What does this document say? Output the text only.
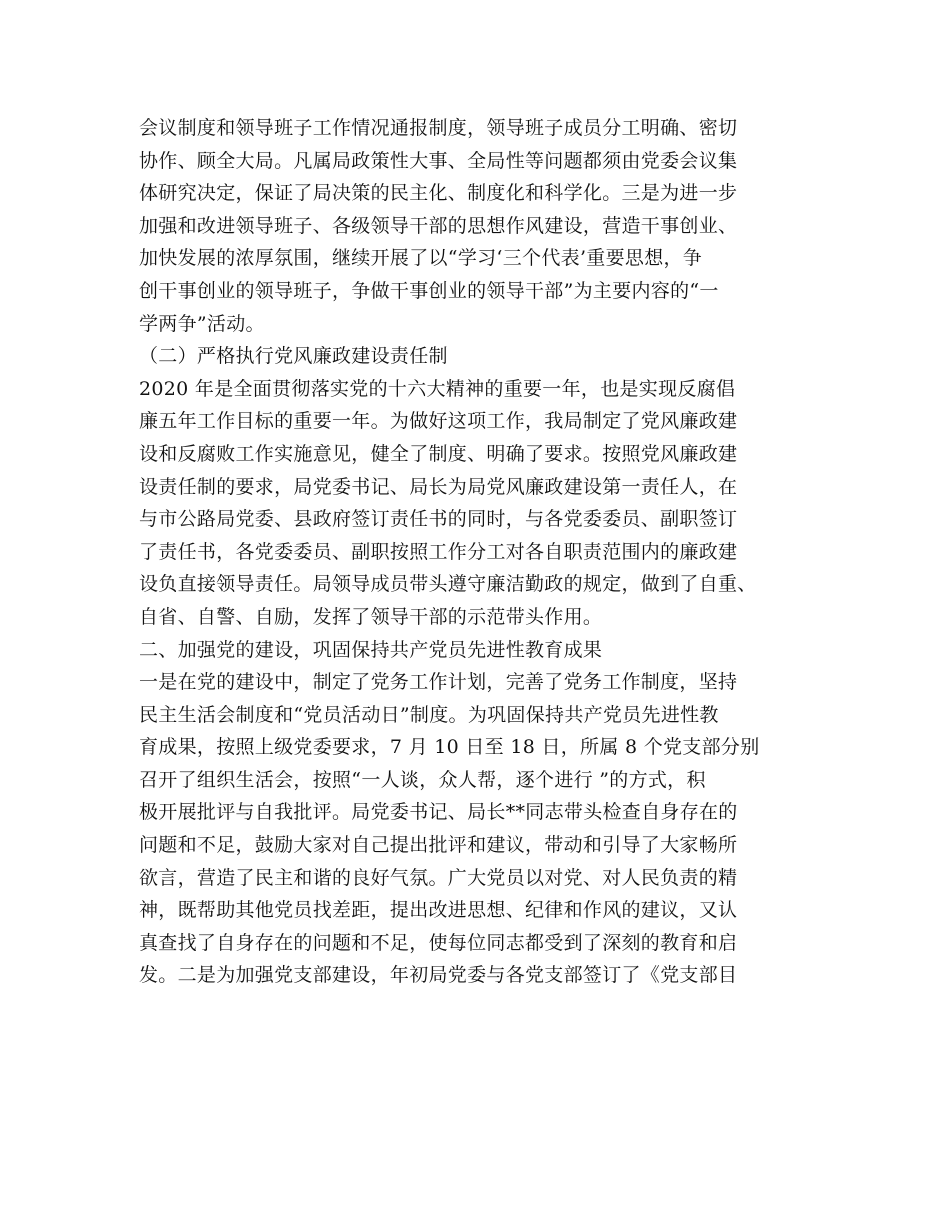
会议制度和领导班子工作情况通报制度，领导班子成员分工明确、密切
协作、顾全大局。凡属局政策性大事、全局性等问题都须由党委会议集
体研究决定，保证了局决策的民主化、制度化和科学化。三是为进一步
加强和改进领导班子、各级领导干部的思想作风建设，营造干事创业、
加快发展的浓厚氛围，继续开展了以“学习‘三个代表’重要思想，争
创干事创业的领导班子，争做干事创业的领导干部”为主要内容的“一
学两争”活动。
（二）严格执行党风廉政建设责任制
2020 年是全面贯彻落实党的十六大精神的重要一年，也是实现反腐倡
廉五年工作目标的重要一年。为做好这项工作，我局制定了党风廉政建
设和反腐败工作实施意见，健全了制度、明确了要求。按照党风廉政建
设责任制的要求，局党委书记、局长为局党风廉政建设第一责任人，在
与市公路局党委、县政府签订责任书的同时，与各党委委员、副职签订
了责任书，各党委委员、副职按照工作分工对各自职责范围内的廉政建
设负直接领导责任。局领导成员带头遵守廉洁勤政的规定，做到了自重、
自省、自警、自励，发挥了领导干部的示范带头作用。
二、加强党的建设，巩固保持共产党员先进性教育成果
一是在党的建设中，制定了党务工作计划，完善了党务工作制度，坚持
民主生活会制度和“党员活动日”制度。为巩固保持共产党员先进性教
育成果，按照上级党委要求，7 月 10 日至 18 日，所属 8 个党支部分别
召开了组织生活会，按照“一人谈，众人帮，逐个进行 ”的方式，积
极开展批评与自我批评。局党委书记、局长**同志带头检查自身存在的
问题和不足，鼓励大家对自己提出批评和建议，带动和引导了大家畅所
欲言，营造了民主和谐的良好气氛。广大党员以对党、对人民负责的精
神，既帮助其他党员找差距，提出改进思想、纪律和作风的建议，又认
真查找了自身存在的问题和不足，使每位同志都受到了深刻的教育和启
发。二是为加强党支部建设，年初局党委与各党支部签订了《党支部目
